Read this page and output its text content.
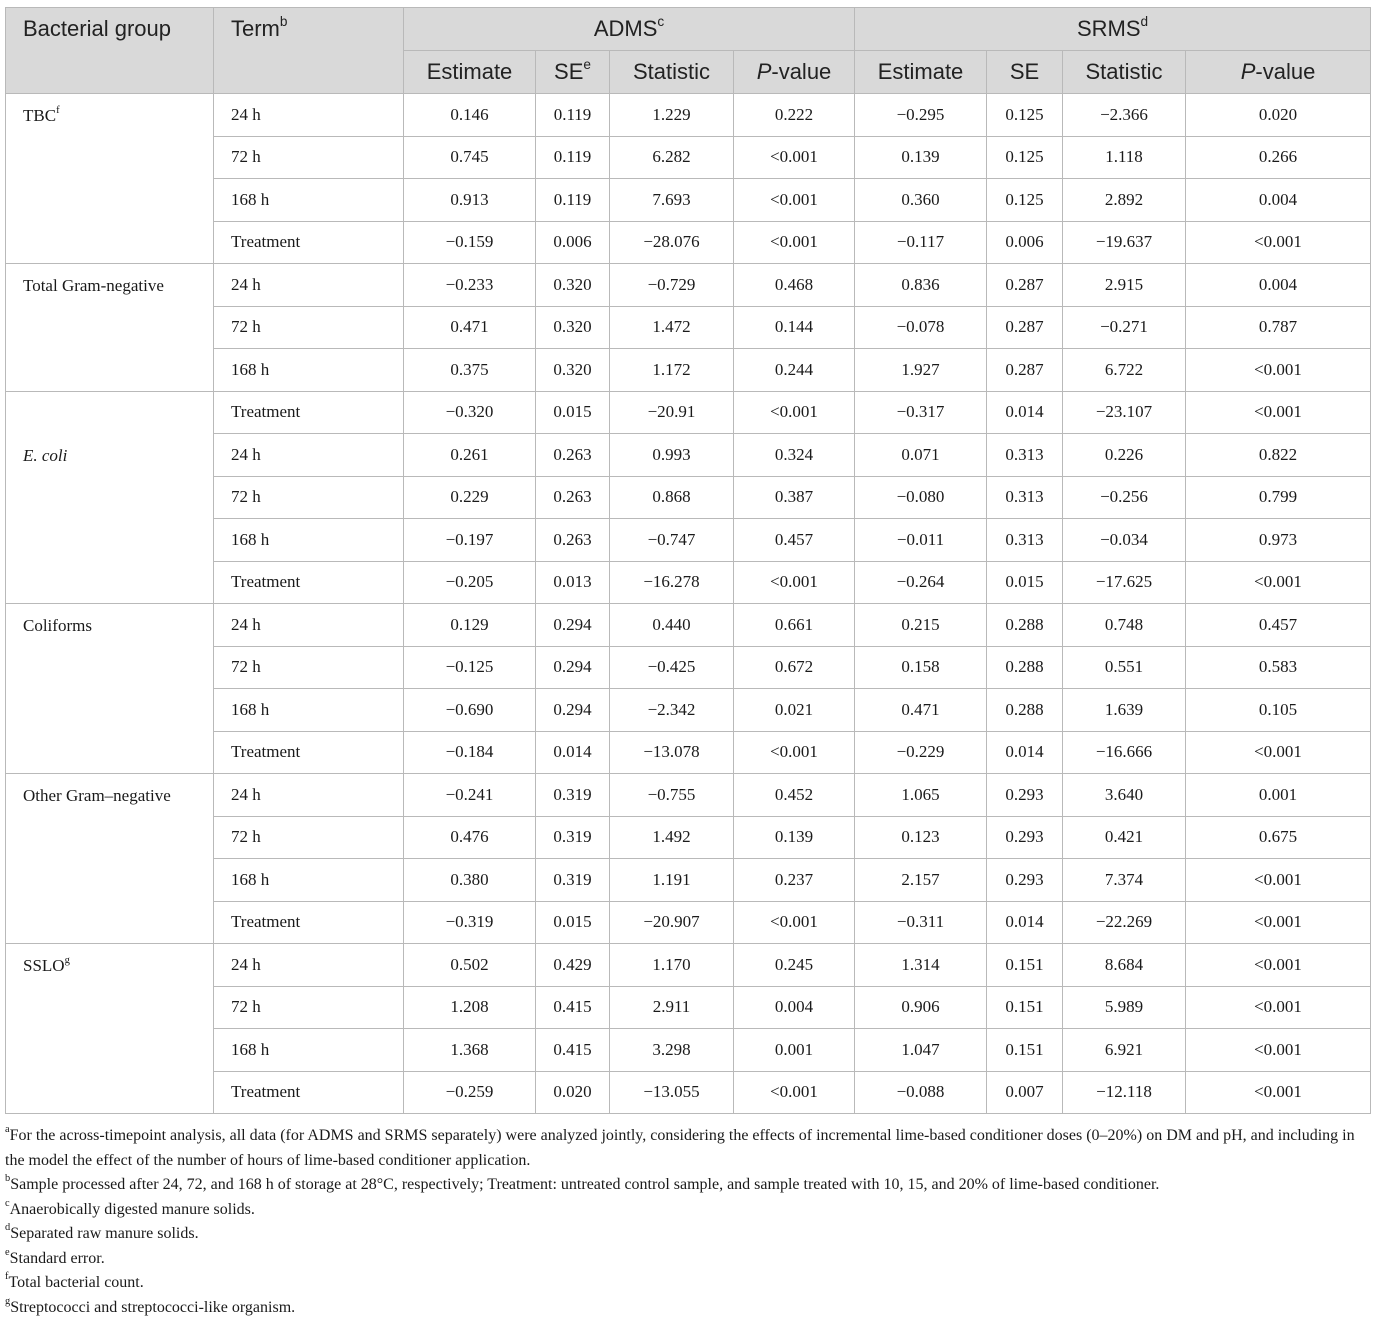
Bacterial group	Term$^b$	ADMS$^c$				SRMS$^d$
		Estimate	$SE^e$	Statistic	P-value	Estimate	SE	Statistic	P-value
TBC$^f$	24 h	0.146	0.119	1.229	0.222	−0.295	0.125	−2.366	0.020
	72 h	0.745	0.119	6.282	<0.001	0.139	0.125	1.118	0.266
	168 h	0.913	0.119	7.693	<0.001	0.360	0.125	2.892	0.004
	Treatment	−0.159	0.006	−28.076	<0.001	−0.117	0.006	−19.637	<0.001
Total Gram-negative	24 h	−0.233	0.320	−0.729	0.468	0.836	0.287	2.915	0.004
	72 h	0.471	0.320	1.472	0.144	−0.078	0.287	−0.271	0.787
	168 h	0.375	0.320	1.172	0.244	1.927	0.287	6.722	<0.001
E. coli	Treatment	−0.320	0.015	−20.91	<0.001	−0.317	0.014	−23.107	<0.001
	24 h	0.261	0.263	0.993	0.324	0.071	0.313	0.226	0.822
	72 h	0.229	0.263	0.868	0.387	−0.080	0.313	−0.256	0.799
	168 h	−0.197	0.263	−0.747	0.457	−0.011	0.313	−0.034	0.973
	Treatment	−0.205	0.013	−16.278	<0.001	−0.264	0.015	−17.625	<0.001
Coliforms	24 h	0.129	0.294	0.440	0.661	0.215	0.288	0.748	0.457
	72 h	−0.125	0.294	−0.425	0.672	0.158	0.288	0.551	0.583
	168 h	−0.690	0.294	−2.342	0.021	0.471	0.288	1.639	0.105
	Treatment	−0.184	0.014	−13.078	<0.001	−0.229	0.014	−16.666	<0.001
Other Gram–negative	24 h	−0.241	0.319	−0.755	0.452	1.065	0.293	3.640	0.001
	72 h	0.476	0.319	1.492	0.139	0.123	0.293	0.421	0.675
	168 h	0.380	0.319	1.191	0.237	2.157	0.293	7.374	<0.001
	Treatment	−0.319	0.015	−20.907	<0.001	−0.311	0.014	−22.269	<0.001
SSLO$^g$	24 h	0.502	0.429	1.170	0.245	1.314	0.151	8.684	<0.001
	72 h	1.208	0.415	2.911	0.004	0.906	0.151	5.989	<0.001
	168 h	1.368	0.415	3.298	0.001	1.047	0.151	6.921	<0.001
	Treatment	−0.259	0.020	−13.055	<0.001	−0.088	0.007	−12.118	<0.001

$^a$For the across-timepoint analysis, all data (for ADMS and SRMS separately) were analyzed jointly, considering the effects of incremental lime-based conditioner doses (0–20%) on DM and pH, and including in the model the effect of the number of hours of lime-based conditioner application.

$^b$Sample processed after 24, 72, and 168 h of storage at 28°C, respectively; Treatment: untreated control sample, and sample treated with 10, 15, and 20% of lime-based conditioner.

$^c$Anaerobically digested manure solids.

$^d$Separated raw manure solids.

$^e$Standard error.

$^f$Total bacterial count.

$^g$Streptococci and streptococci-like organism.
